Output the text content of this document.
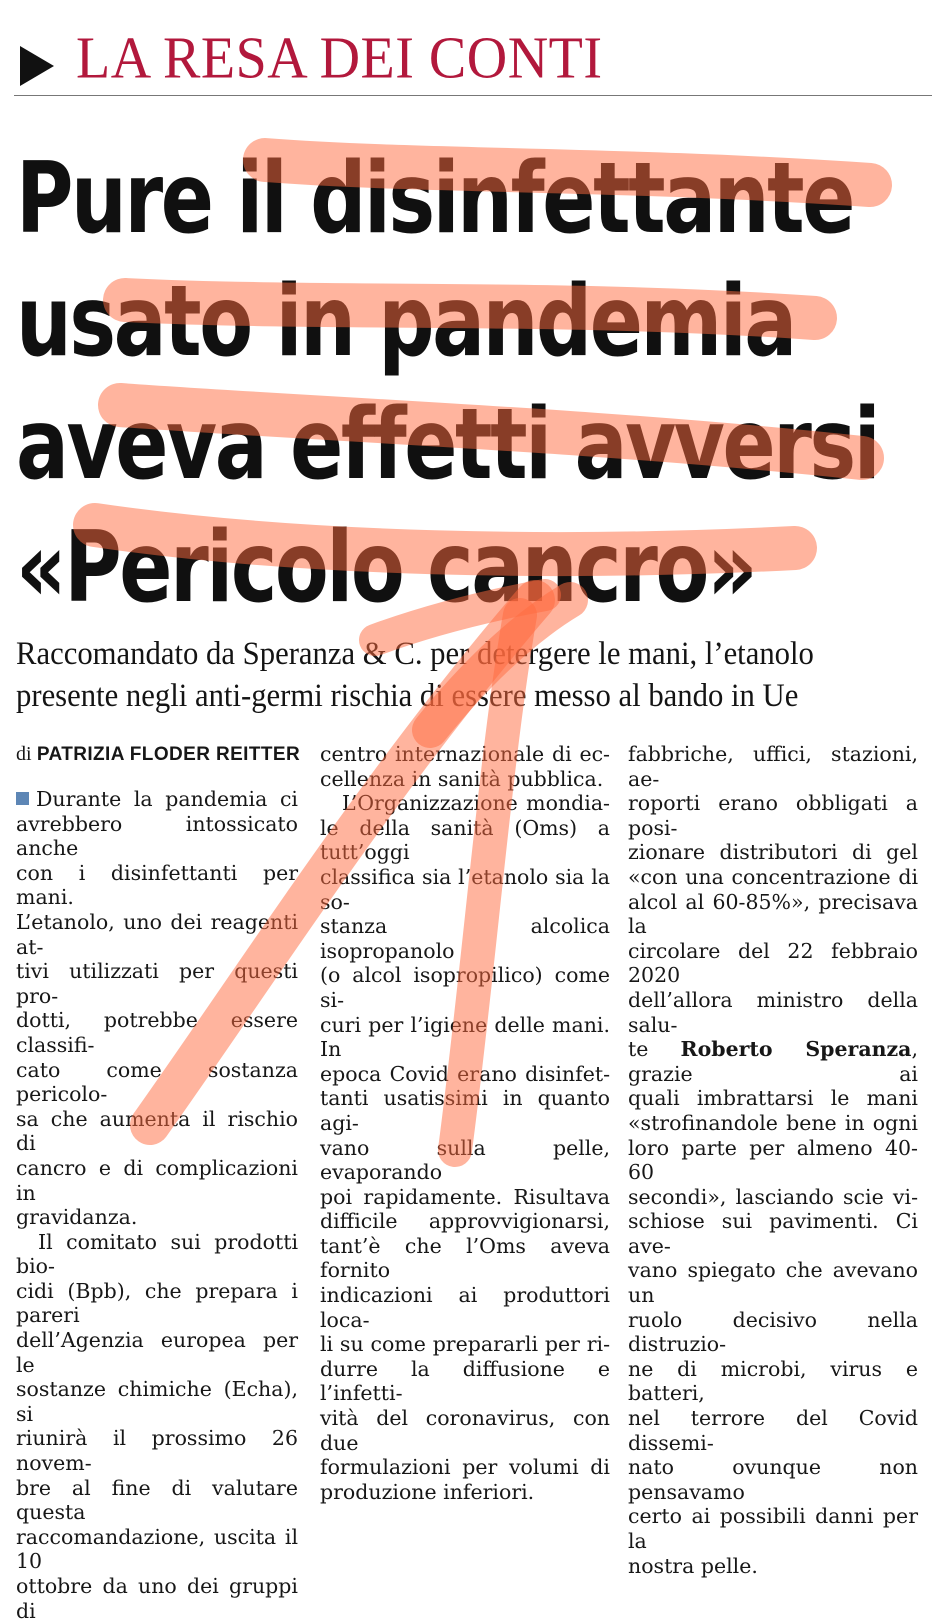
LA RESA DEI CONTI
Pure il disinfettante
usato in pandemia
aveva effetti avversi
«Pericolo cancro»
Raccomandato da Speranza & C. per detergere le mani, l’etanolo
presente negli anti-germi rischia di essere messo al bando in Ue
di PATRIZIA FLODER REITTER
Durante la pandemia ci
avrebbero intossicato anche
con i disinfettanti per mani.
L’etanolo, uno dei reagenti at-
tivi utilizzati per questi pro-
dotti, potrebbe essere classifi-
cato come sostanza pericolo-
sa che aumenta il rischio di
cancro e di complicazioni in
gravidanza.
Il comitato sui prodotti bio-
cidi (Bpb), che prepara i pareri
dell’Agenzia europea per le
sostanze chimiche (Echa), si
riunirà il prossimo 26 novem-
bre al fine di valutare questa
raccomandazione, uscita il 10
ottobre da uno dei gruppi di
centro internazionale di ec-
cellenza in sanità pubblica.
L’Organizzazione mondia-
le della sanità (Oms) a tutt’oggi
classifica sia l’etanolo sia la so-
stanza alcolica isopropanolo
(o alcol isopropilico) come si-
curi per l’igiene delle mani. In
epoca Covid erano disinfet-
tanti usatissimi in quanto agi-
vano sulla pelle, evaporando
poi rapidamente. Risultava
difficile approvvigionarsi,
tant’è che l’Oms aveva fornito
indicazioni ai produttori loca-
li su come prepararli per ri-
durre la diffusione e l’infetti-
vità del coronavirus, con due
formulazioni per volumi di
produzione inferiori.
fabbriche, uffici, stazioni, ae-
roporti erano obbligati a posi-
zionare distributori di gel
«con una concentrazione di
alcol al 60-85%», precisava la
circolare del 22 febbraio 2020
dell’allora ministro della salu-
te Roberto Speranza, grazie ai
quali imbrattarsi le mani
«strofinandole bene in ogni
loro parte per almeno 40-60
secondi», lasciando scie vi-
schiose sui pavimenti. Ci ave-
vano spiegato che avevano un
ruolo decisivo nella distruzio-
ne di microbi, virus e batteri,
nel terrore del Covid dissemi-
nato ovunque non pensavamo
certo ai possibili danni per la
nostra pelle.
